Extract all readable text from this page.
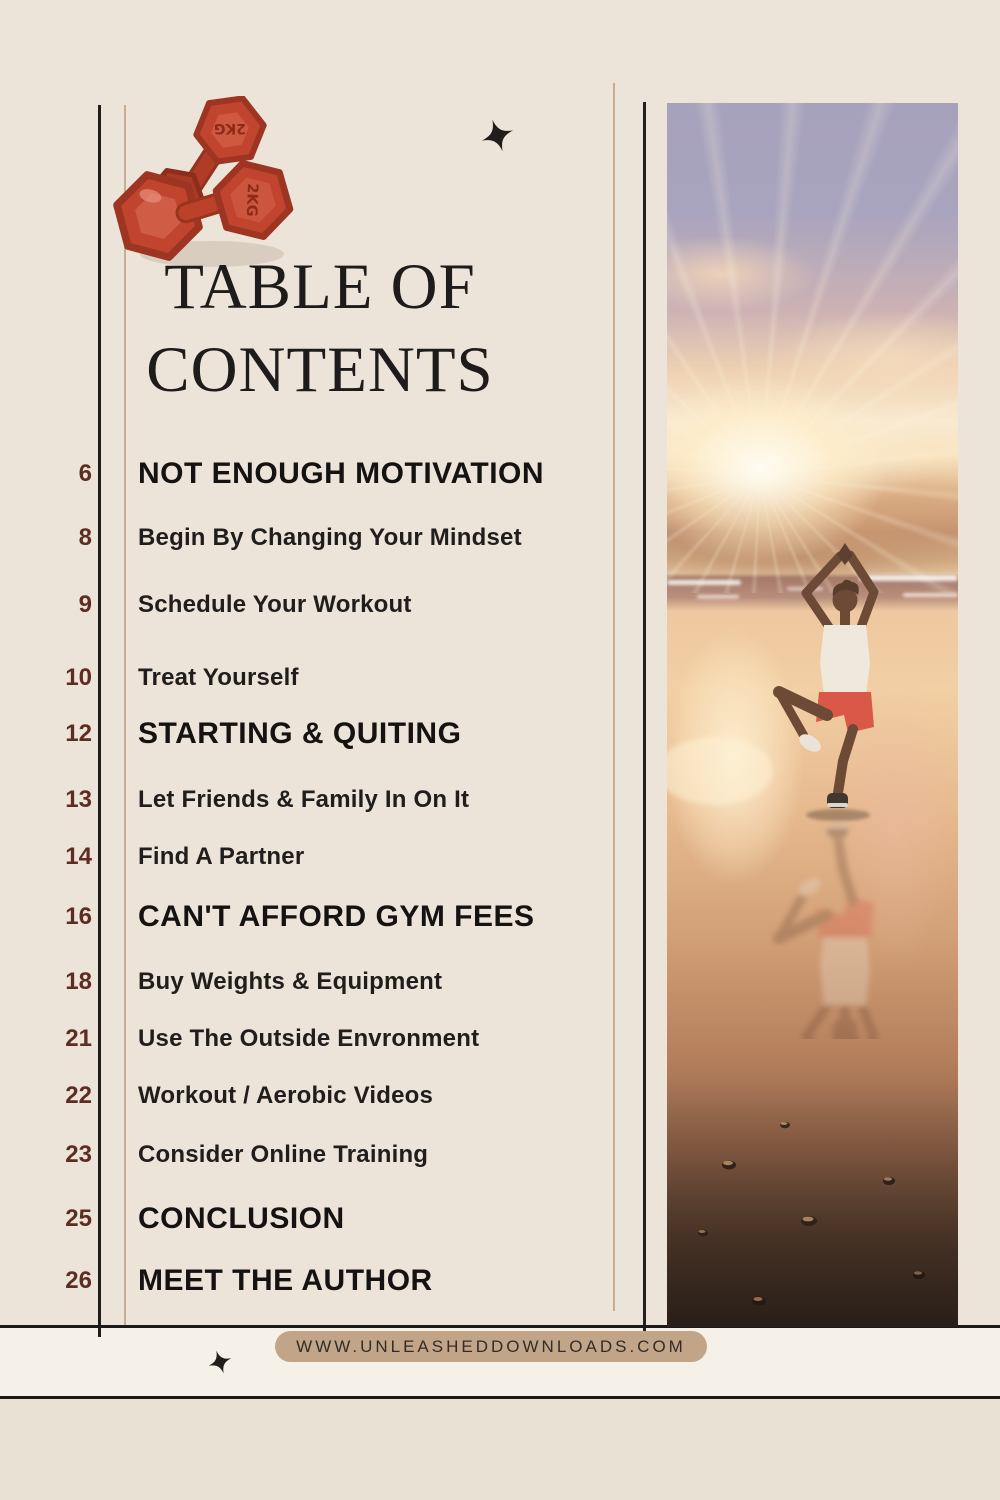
2KG
2KG
TABLE OF
CONTENTS
6 NOT ENOUGH MOTIVATION
8 Begin By Changing Your Mindset
9 Schedule Your Workout
10 Treat Yourself
12 STARTING & QUITING
13 Let Friends & Family In On It
14 Find A Partner
16 CAN'T AFFORD GYM FEES
18 Buy Weights & Equipment
21 Use The Outside Envronment
22 Workout / Aerobic Videos
23 Consider Online Training
25 CONCLUSION
26 MEET THE AUTHOR
WWW.UNLEASHEDDOWNLOADS.COM
